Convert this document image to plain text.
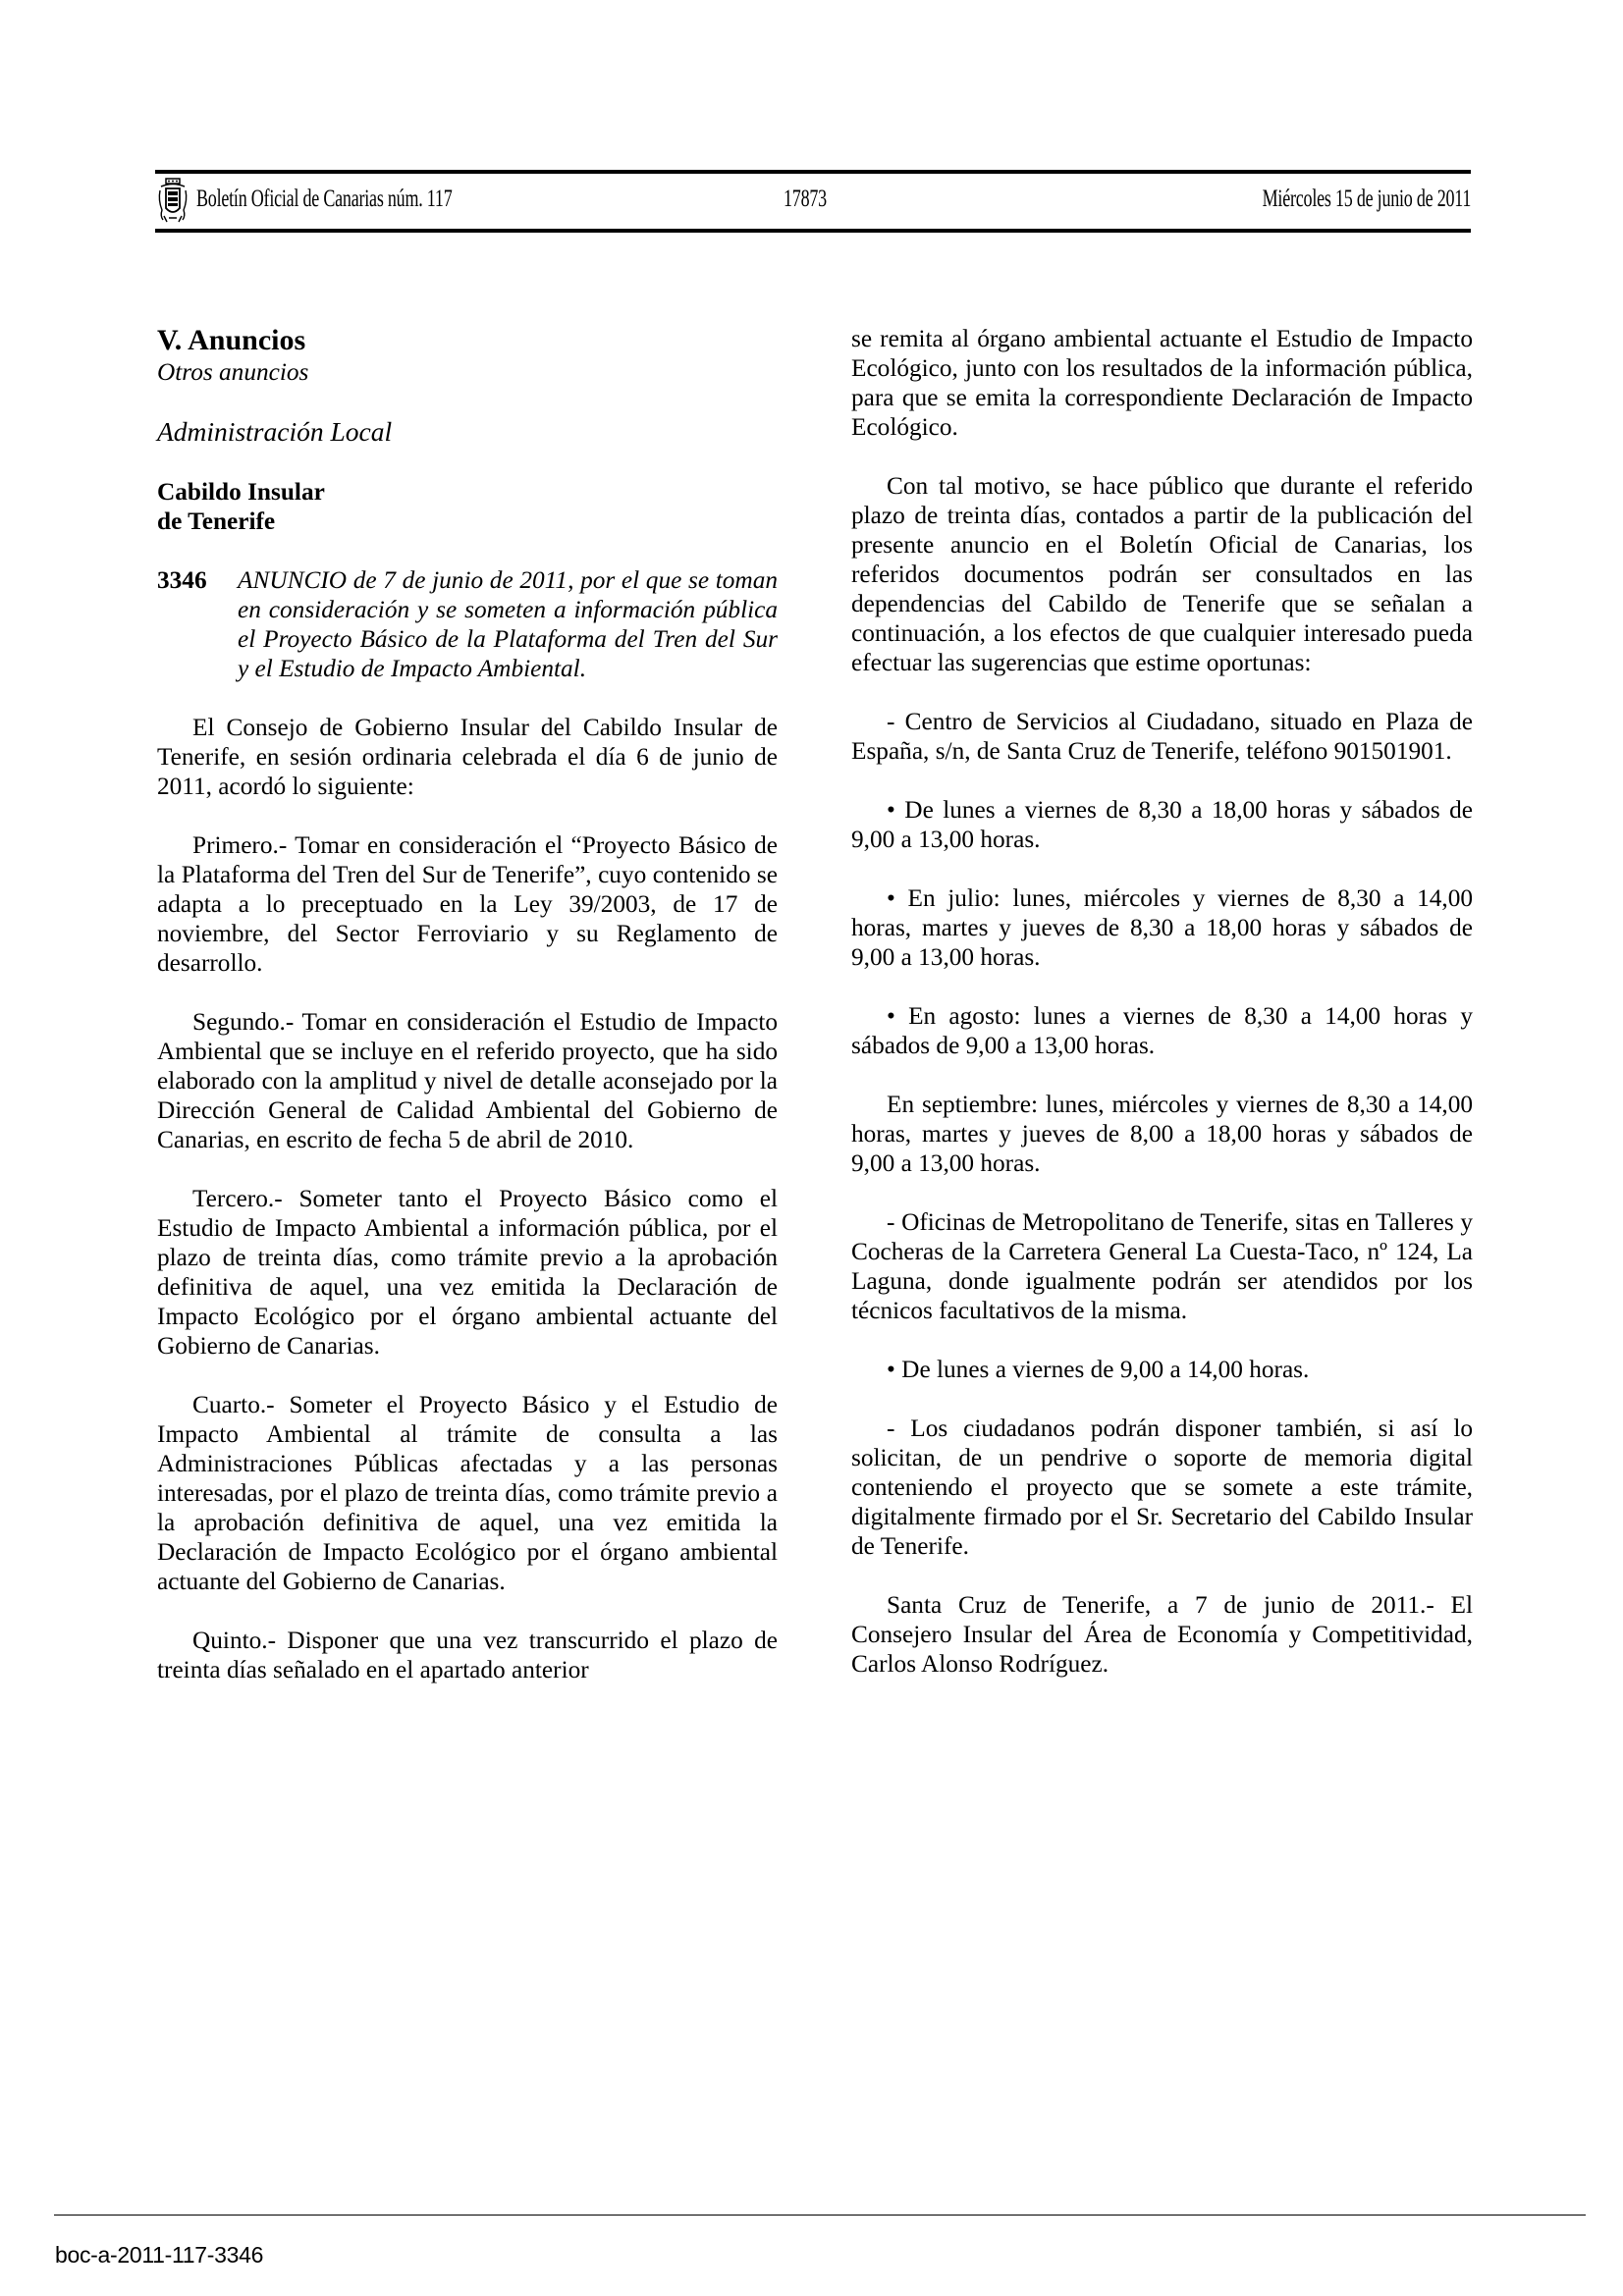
Boletín Oficial de Canarias núm. 117	17873	Miércoles 15 de junio de 2011

V. Anuncios

Otros anuncios

Administración Local

Cabildo Insular
de Tenerife

3346	ANUNCIO de 7 de junio de 2011, por el que se toman en consideración y se someten a información pública el Proyecto Básico de la Plataforma del Tren del Sur y el Estudio de Impacto Ambiental.

El Consejo de Gobierno Insular del Cabildo Insular de Tenerife, en sesión ordinaria celebrada el día 6 de junio de 2011, acordó lo siguiente:

Primero.- Tomar en consideración el “Proyecto Básico de la Plataforma del Tren del Sur de Tenerife”, cuyo contenido se adapta a lo preceptuado en la Ley 39/2003, de 17 de noviembre, del Sector Ferroviario y su Reglamento de desarrollo.

Segundo.- Tomar en consideración el Estudio de Impacto Ambiental que se incluye en el referido proyecto, que ha sido elaborado con la amplitud y nivel de detalle aconsejado por la Dirección General de Calidad Ambiental del Gobierno de Canarias, en escrito de fecha 5 de abril de 2010.

Tercero.- Someter tanto el Proyecto Básico como el Estudio de Impacto Ambiental a información pública, por el plazo de treinta días, como trámite previo a la aprobación definitiva de aquel, una vez emitida la Declaración de Impacto Ecológico por el órgano ambiental actuante del Gobierno de Canarias.

Cuarto.- Someter el Proyecto Básico y el Estudio de Impacto Ambiental al trámite de consulta a las Administraciones Públicas afectadas y a las personas interesadas, por el plazo de treinta días, como trámite previo a la aprobación definitiva de aquel, una vez emitida la Declaración de Impacto Ecológico por el órgano ambiental actuante del Gobierno de Canarias.

Quinto.- Disponer que una vez transcurrido el plazo de treinta días señalado en el apartado anterior

se remita al órgano ambiental actuante el Estudio de Impacto Ecológico, junto con los resultados de la información pública, para que se emita la correspondiente Declaración de Impacto Ecológico.

Con tal motivo, se hace público que durante el referido plazo de treinta días, contados a partir de la publicación del presente anuncio en el Boletín Oficial de Canarias, los referidos documentos podrán ser consultados en las dependencias del Cabildo de Tenerife que se señalan a continuación, a los efectos de que cualquier interesado pueda efectuar las sugerencias que estime oportunas:

- Centro de Servicios al Ciudadano, situado en Plaza de España, s/n, de Santa Cruz de Tenerife, teléfono 901501901.

• De lunes a viernes de 8,30 a 18,00 horas y sábados de 9,00 a 13,00 horas.

• En julio: lunes, miércoles y viernes de 8,30 a 14,00 horas, martes y jueves de 8,30 a 18,00 horas y sábados de 9,00 a 13,00 horas.

• En agosto: lunes a viernes de 8,30 a 14,00 horas y sábados de 9,00 a 13,00 horas.

En septiembre: lunes, miércoles y viernes de 8,30 a 14,00 horas, martes y jueves de 8,00 a 18,00 horas y sábados de 9,00 a 13,00 horas.

- Oficinas de Metropolitano de Tenerife, sitas en Talleres y Cocheras de la Carretera General La Cuesta-Taco, nº 124, La Laguna, donde igualmente podrán ser atendidos por los técnicos facultativos de la misma.

• De lunes a viernes de 9,00 a 14,00 horas.

- Los ciudadanos podrán disponer también, si así lo solicitan, de un pendrive o soporte de memoria digital conteniendo el proyecto que se somete a este trámite, digitalmente firmado por el Sr. Secretario del Cabildo Insular de Tenerife.

Santa Cruz de Tenerife, a 7 de junio de 2011.- El Consejero Insular del Área de Economía y Competitividad, Carlos Alonso Rodríguez.

boc-a-2011-117-3346
